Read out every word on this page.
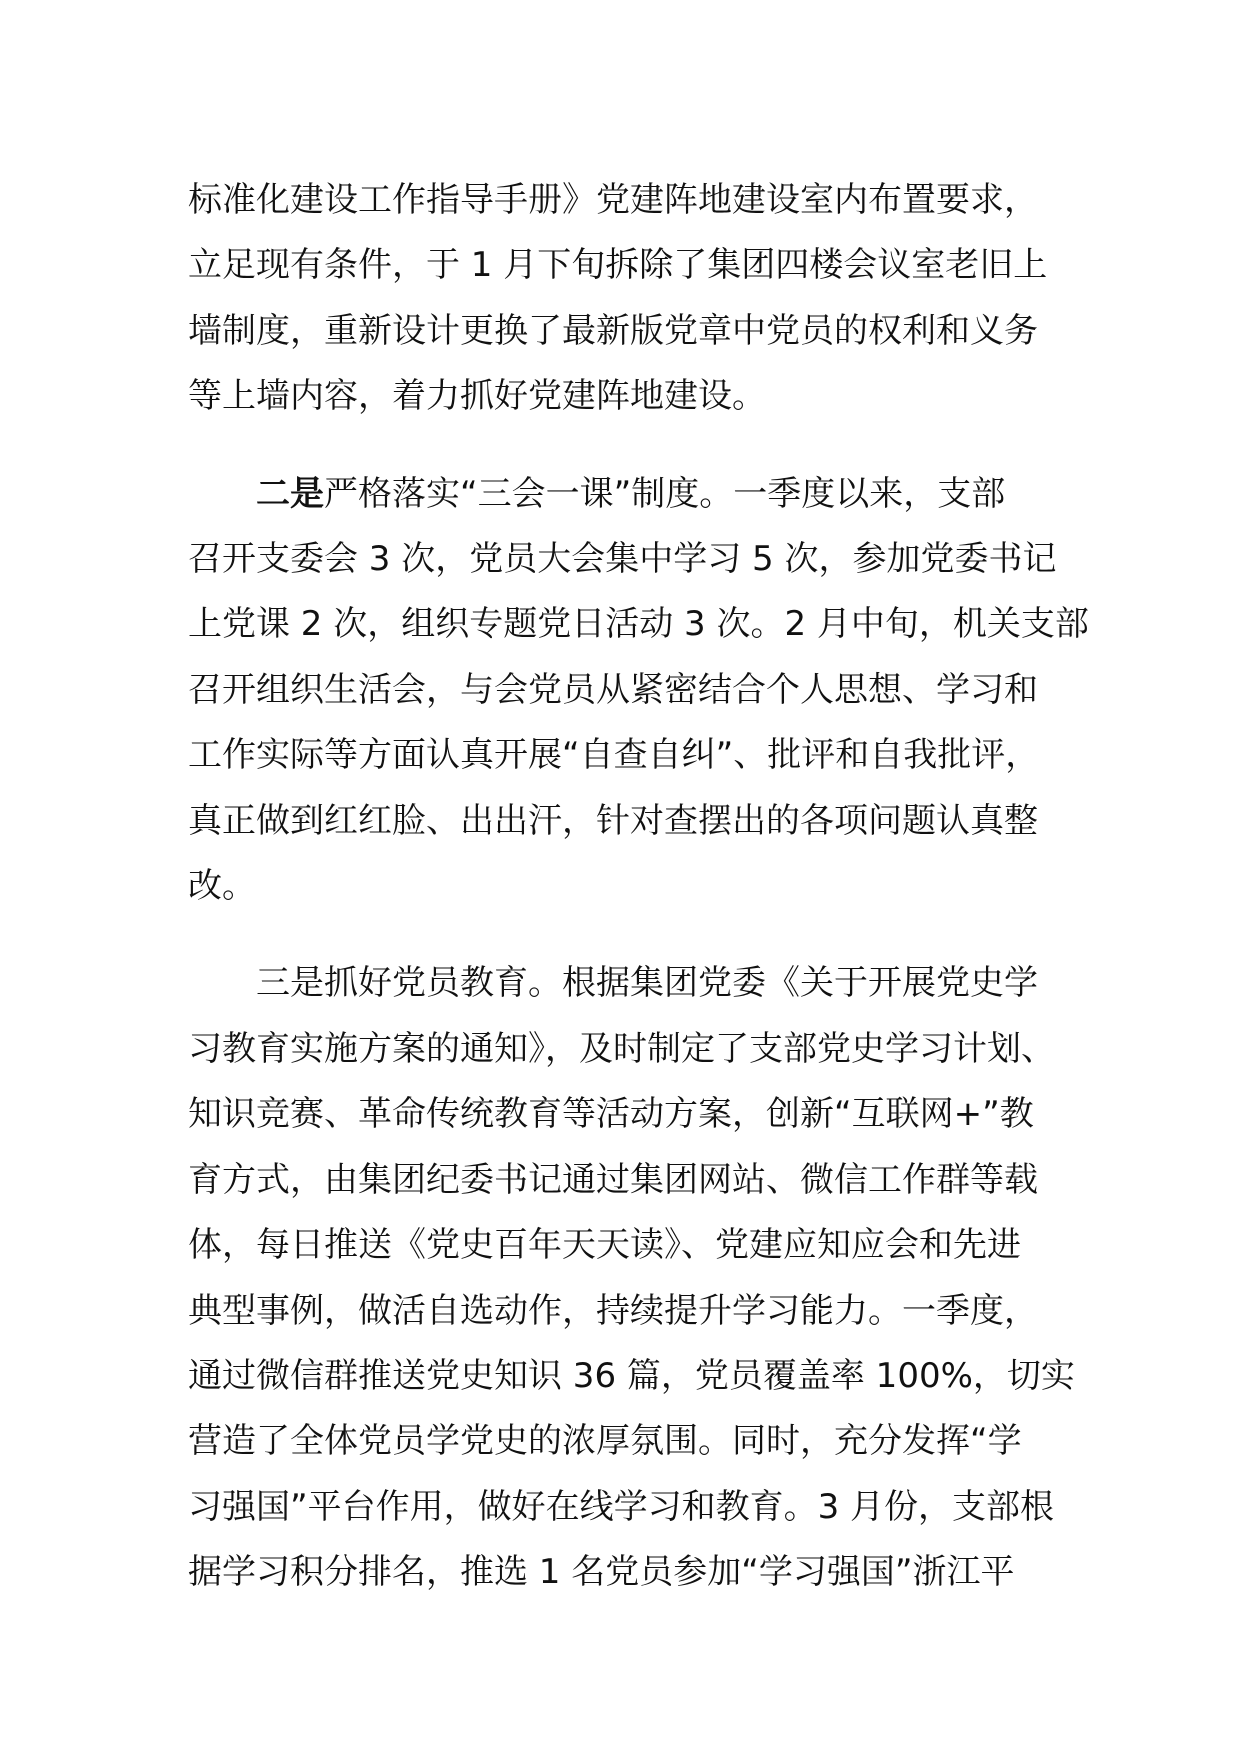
标准化建设工作指导手册》党建阵地建设室内布置要求，
立足现有条件，于 1 月下旬拆除了集团四楼会议室老旧上
墙制度，重新设计更换了最新版党章中党员的权利和义务
等上墙内容，着力抓好党建阵地建设。

二是严格落实“三会一课”制度。一季度以来，支部
召开支委会 3 次，党员大会集中学习 5 次，参加党委书记
上党课 2 次，组织专题党日活动 3 次。2 月中旬，机关支部
召开组织生活会，与会党员从紧密结合个人思想、学习和
工作实际等方面认真开展“自查自纠”、批评和自我批评，
真正做到红红脸、出出汗，针对查摆出的各项问题认真整
改。

三是抓好党员教育。根据集团党委《关于开展党史学
习教育实施方案的通知》，及时制定了支部党史学习计划、
知识竞赛、革命传统教育等活动方案，创新“互联网+”教
育方式，由集团纪委书记通过集团网站、微信工作群等载
体，每日推送《党史百年天天读》、党建应知应会和先进
典型事例，做活自选动作，持续提升学习能力。一季度，
通过微信群推送党史知识 36 篇，党员覆盖率 100%，切实
营造了全体党员学党史的浓厚氛围。同时，充分发挥“学
习强国”平台作用，做好在线学习和教育。3 月份，支部根
据学习积分排名，推选 1 名党员参加“学习强国”浙江平
